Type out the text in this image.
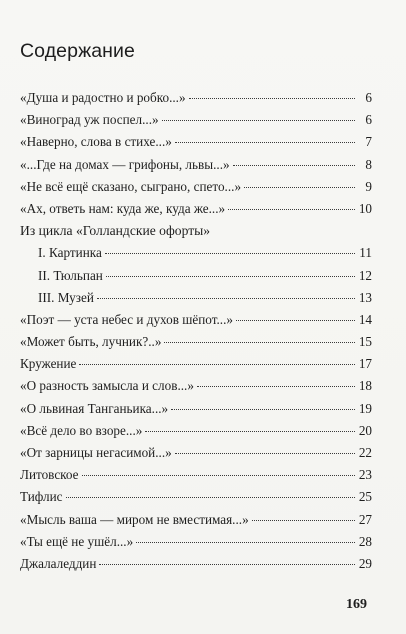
Содержание
«Душа и радостно и робко...»	6
«Виноград уж поспел...»	6
«Наверно, слова в стихе...»	7
«...Где на домах — грифоны, львы...»	8
«Не всё ещё сказано, сыграно, спето...»	9
«Ах, ответь нам: куда же, куда же...»	10
Из цикла «Голландские офорты»
I. Картинка	11
II. Тюльпан	12
III. Музей	13
«Поэт — уста небес и духов шёпот...»	14
«Может быть, лучник?..»	15
Кружение	17
«О разность замысла и слов...»	18
«О львиная Танганьика...»	19
«Всё дело во взоре...»	20
«От зарницы негасимой...»	22
Литовское	23
Тифлис	25
«Мысль ваша — миром не вместимая...»	27
«Ты ещё не ушёл...»	28
Джалаледдин	29

169
